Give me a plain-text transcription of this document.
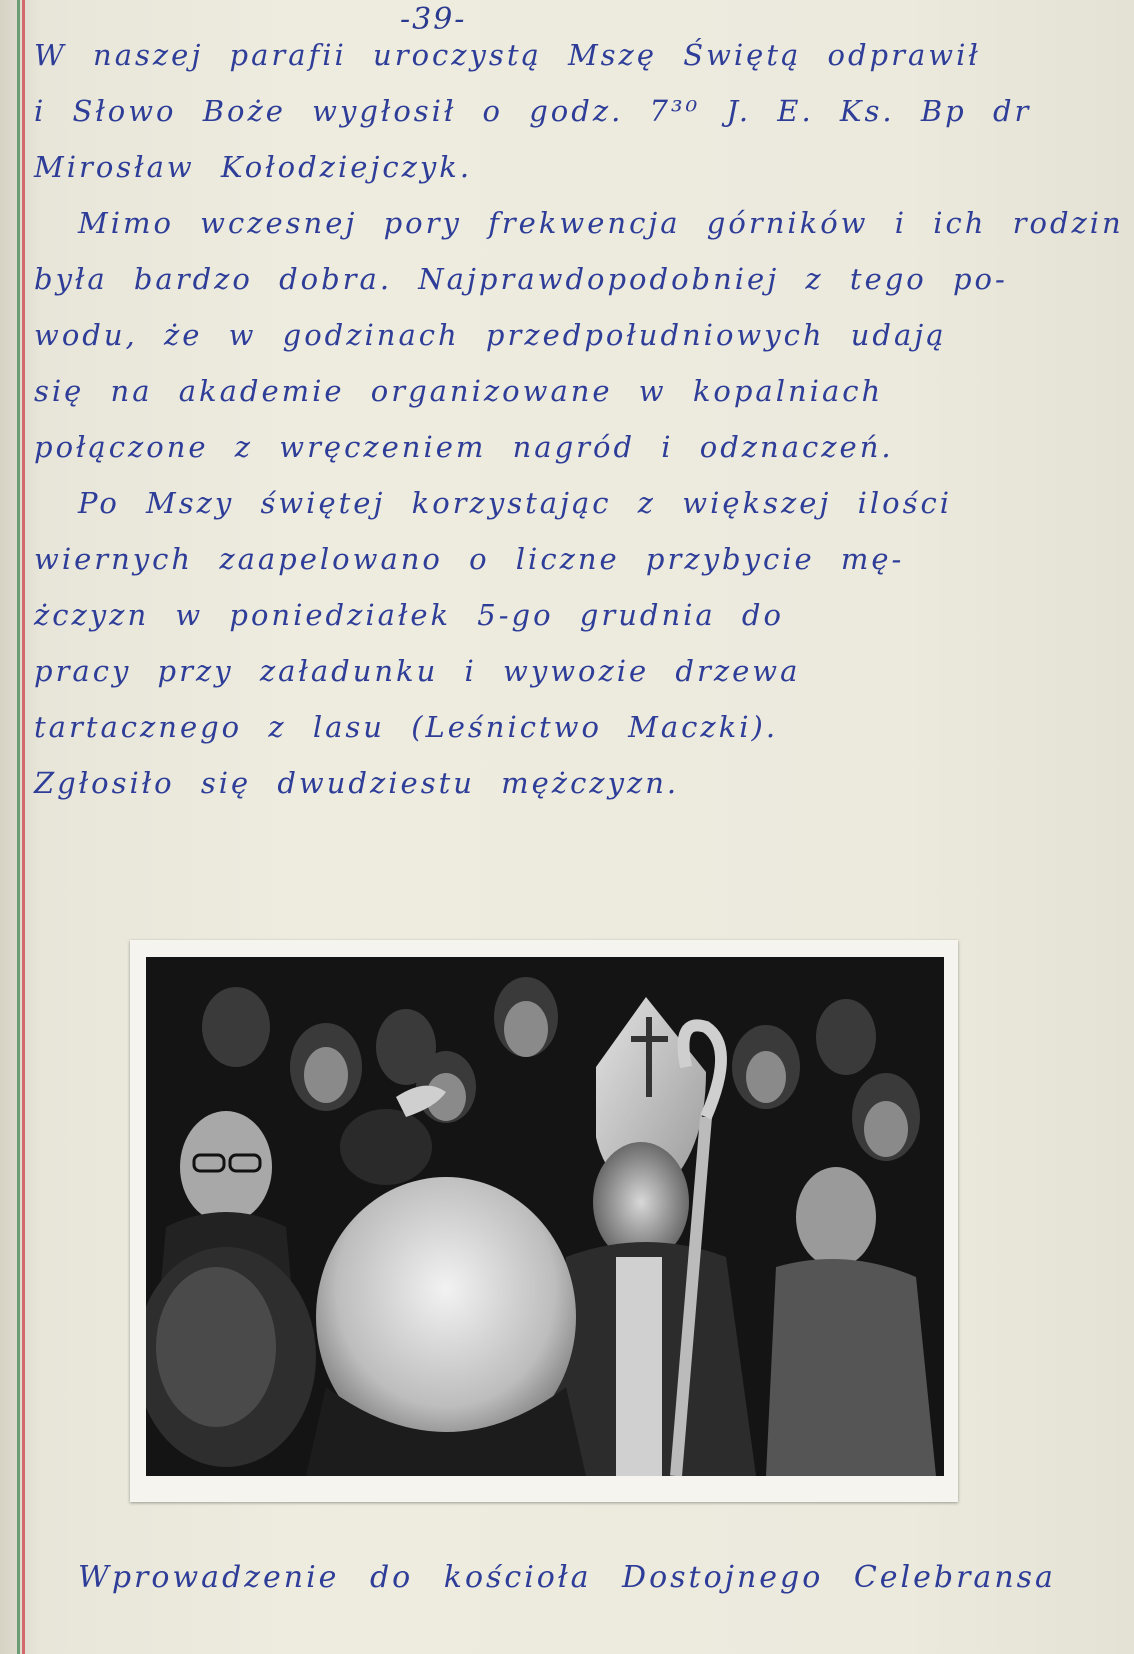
-39-
W naszej parafii uroczystą Mszę Świętą odprawił
i Słowo Boże wygłosił o godz. 7³⁰ J. E. Ks. Bp dr
Mirosław Kołodziejczyk.
Mimo wczesnej pory frekwencja górników i ich rodzin
była bardzo dobra. Najprawdopodobniej z tego po-
wodu, że w godzinach przedpołudniowych udają
się na akademie organizowane w kopalniach
połączone z wręczeniem nagród i odznaczeń.
Po Mszy świętej korzystając z większej ilości
wiernych zaapelowano o liczne przybycie mę-
żczyzn w poniedziałek 5-go grudnia do
pracy przy załadunku i wywozie drzewa
tartacznego z lasu (Leśnictwo Maczki).
Zgłosiło się dwudziestu mężczyzn.
Wprowadzenie do kościoła Dostojnego Celebransa
